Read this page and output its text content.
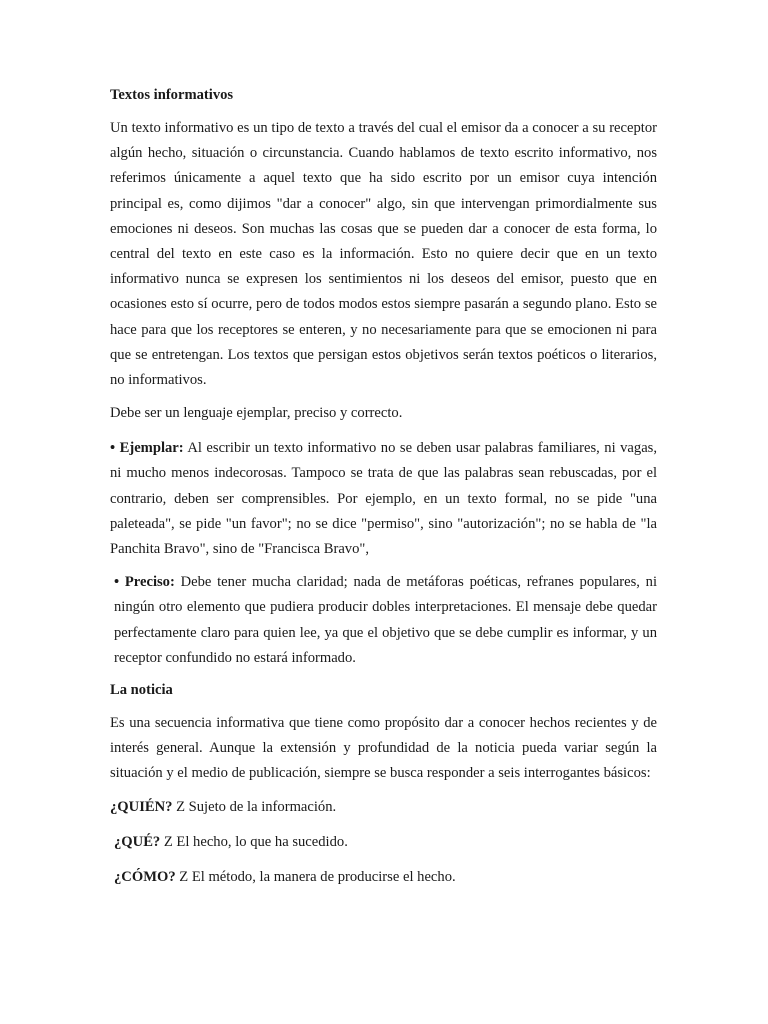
Textos informativos

Un texto informativo es un tipo de texto a través del cual el emisor da a conocer a su receptor algún hecho, situación o circunstancia. Cuando hablamos de texto escrito informativo, nos referimos únicamente a aquel texto que ha sido escrito por un emisor cuya intención principal es, como dijimos "dar a conocer" algo, sin que intervengan primordialmente sus emociones ni deseos. Son muchas las cosas que se pueden dar a conocer de esta forma, lo central del texto en este caso es la información. Esto no quiere decir que en un texto informativo nunca se expresen los sentimientos ni los deseos del emisor, puesto que en ocasiones esto sí ocurre, pero de todos modos estos siempre pasarán a segundo plano. Esto se hace para que los receptores se enteren, y no necesariamente para que se emocionen ni para que se entretengan. Los textos que persigan estos objetivos serán textos poéticos o literarios, no informativos.

Debe ser un lenguaje ejemplar, preciso y correcto.

• Ejemplar: Al escribir un texto informativo no se deben usar palabras familiares, ni vagas, ni mucho menos indecorosas. Tampoco se trata de que las palabras sean rebuscadas, por el contrario, deben ser comprensibles. Por ejemplo, en un texto formal, no se pide "una paleteada", se pide "un favor"; no se dice "permiso", sino "autorización"; no se habla de "la Panchita Bravo", sino de "Francisca Bravo",

• Preciso: Debe tener mucha claridad; nada de metáforas poéticas, refranes populares, ni ningún otro elemento que pudiera producir dobles interpretaciones. El mensaje debe quedar perfectamente claro para quien lee, ya que el objetivo que se debe cumplir es informar, y un receptor confundido no estará informado.

La noticia

Es una secuencia informativa que tiene como propósito dar a conocer hechos recientes y de interés general. Aunque la extensión y profundidad de la noticia pueda variar según la situación y el medio de publicación, siempre se busca responder a seis interrogantes básicos:

¿QUIÉN? Z Sujeto de la información.

¿QUÉ? Z El hecho, lo que ha sucedido.

¿CÓMO? Z El método, la manera de producirse el hecho.
